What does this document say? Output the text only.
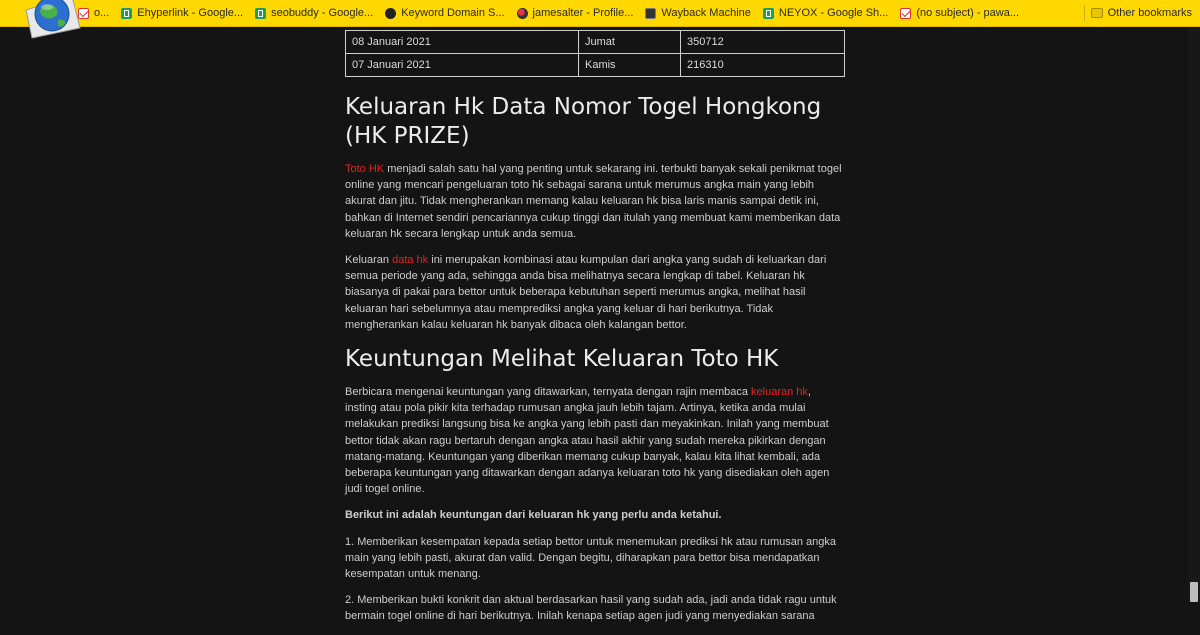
o...	Ehyperlink - Google...	seobuddy - Google...	Keyword Domain S...	jamesalter - Profile...	Wayback Machine	NEYOX - Google Sh...	(no subject) - pawa...	Other bookmarks
08 Januari 2021	Jumat	350712
07 Januari 2021	Kamis	216310
Keluaran Hk Data Nomor Togel Hongkong (HK PRIZE)

Toto HK menjadi salah satu hal yang penting untuk sekarang ini. terbukti banyak sekali penikmat togel online yang mencari pengeluaran toto hk sebagai sarana untuk merumus angka main yang lebih akurat dan jitu. Tidak mengherankan memang kalau keluaran hk bisa laris manis sampai detik ini, bahkan di Internet sendiri pencariannya cukup tinggi dan itulah yang membuat kami memberikan data keluaran hk secara lengkap untuk anda semua.

Keluaran data hk ini merupakan kombinasi atau kumpulan dari angka yang sudah di keluarkan dari semua periode yang ada, sehingga anda bisa melihatnya secara lengkap di tabel. Keluaran hk biasanya di pakai para bettor untuk beberapa kebutuhan seperti merumus angka, melihat hasil keluaran hari sebelumnya atau memprediksi angka yang keluar di hari berikutnya. Tidak mengherankan kalau keluaran hk banyak dibaca oleh kalangan bettor.

Keuntungan Melihat Keluaran Toto HK

Berbicara mengenai keuntungan yang ditawarkan, ternyata dengan rajin membaca keluaran hk, insting atau pola pikir kita terhadap rumusan angka jauh lebih tajam. Artinya, ketika anda mulai melakukan prediksi langsung bisa ke angka yang lebih pasti dan meyakinkan. Inilah yang membuat bettor tidak akan ragu bertaruh dengan angka atau hasil akhir yang sudah mereka pikirkan dengan matang-matang. Keuntungan yang diberikan memang cukup banyak, kalau kita lihat kembali, ada beberapa keuntungan yang ditawarkan dengan adanya keluaran toto hk yang disediakan oleh agen judi togel online.

Berikut ini adalah keuntungan dari keluaran hk yang perlu anda ketahui.

1. Memberikan kesempatan kepada setiap bettor untuk menemukan prediksi hk atau rumusan angka main yang lebih pasti, akurat dan valid. Dengan begitu, diharapkan para bettor bisa mendapatkan kesempatan untuk menang.

2. Memberikan bukti konkrit dan aktual berdasarkan hasil yang sudah ada, jadi anda tidak ragu untuk bermain togel online di hari berikutnya. Inilah kenapa setiap agen judi yang menyediakan sarana
